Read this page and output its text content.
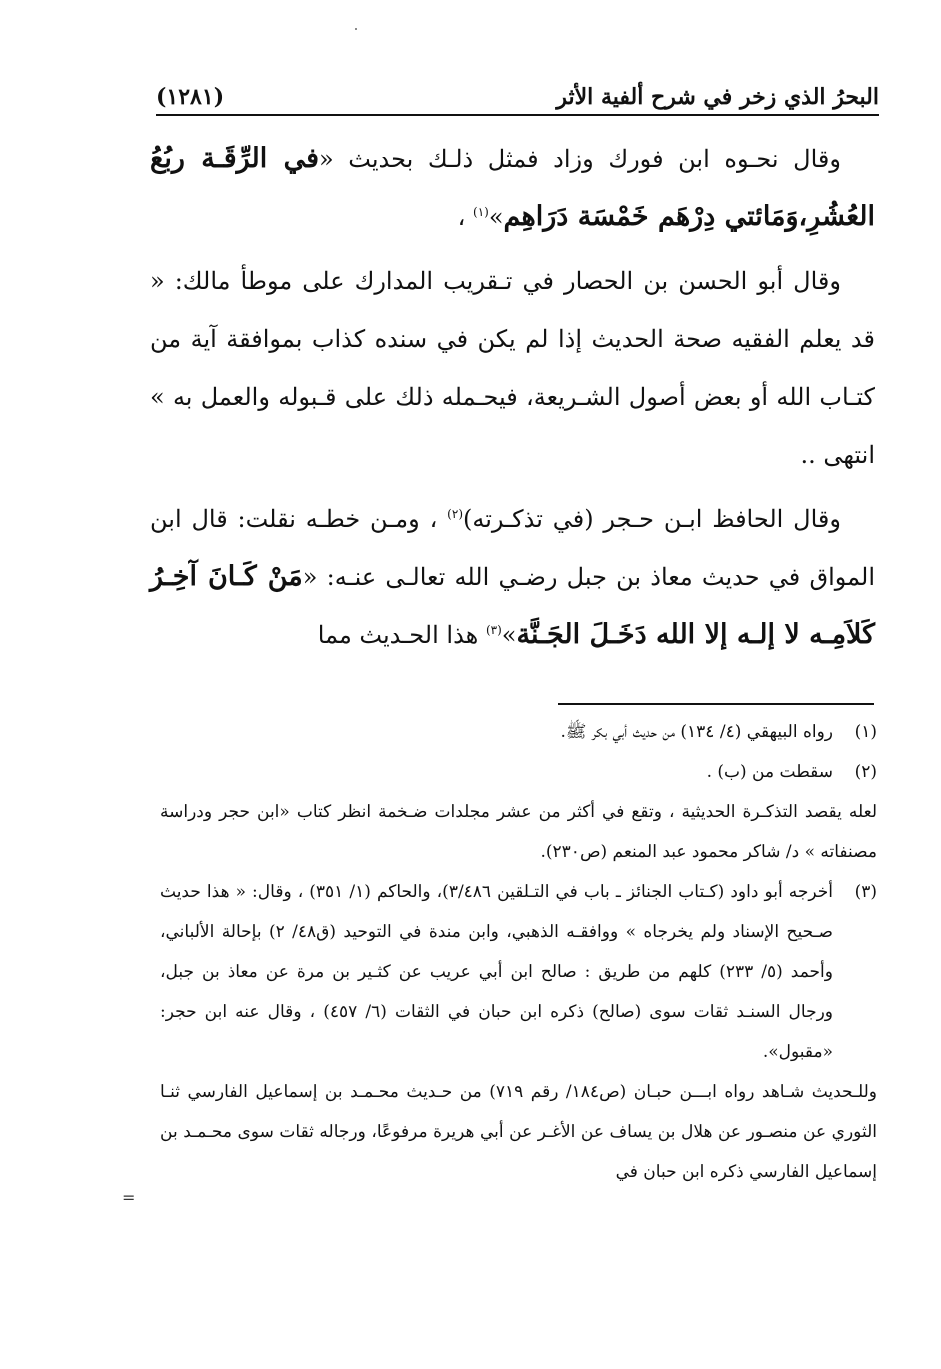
البحرُ الذي زخر في شرح ألفية الأثر
(١٢٨١)

وقال نحـوه ابن فورك وزاد فمثل ذلـك بحديث «في الرِّقَـة ربُعُ العُشُرِ،وَمَائتي دِرْهَم خَمْسَة دَرَاهِم»$^{(١)}$ ،

وقال أبو الحسن بن الحصار في تـقريب المدارك على موطأ مالك: « قد يعلم الفقيه صحة الحديث إذا لم يكن في سنده كذاب بموافقة آية من كتـاب الله أو بعض أصول الشـريعة، فيحـمله ذلك على قـبوله والعمل به » انتهى ..

وقال الحافظ ابـن حـجر (في تذكـرته)$^{(٢)}$ ، ومـن خطـه نقلت: قال ابن المواق في حديث معاذ بن جبل رضـي الله تعالـى عنـه: «مَنْ كَـانَ آخِـرُ كَلاَمِـه لا إلـه إلا الله دَخَـلَ الجَـنَّة»$^{(٣)}$ هذا الحـديث مما

(١)
رواه البيهقي (٤/ ١٣٤) من حديث أبي بكر ﷺ.
(٢)
سقطت من (ب) .
لعله يقصد التذكـرة الحديثية ، وتقع في أكثر من عشر مجلدات ضـخمة انظر كتاب «ابن حجر ودراسة مصنفاته » د/ شاكر محمود عبد المنعم (ص٢٣٠).
(٣)
أخرجه أبو داود (كـتاب الجنائز ـ باب في التـلقين ٣/٤٨٦)، والحاكم (١/ ٣٥١) ، وقال: « هذا حديث صـحيح الإسناد ولم يخرجاه » ووافقـه الذهبي، وابن مندة في التوحيد (ق٤٨/ ٢) بإحالة الألباني، وأحمد (٥/ ٢٣٣) كلهم من طريق : صالح ابن أبي عريب عن كثـير بن مرة عن معاذ بن جبل، ورجال السنـد ثقات سوى (صالح) ذكره ابن حبان في الثقات (٦/ ٤٥٧) ، وقال عنه ابن حجر: «مقبول».
وللـحديث شـاهد رواه ابـــن حبـان (ص١٨٤/ رقم ٧١٩) من حـديث محـمـد بن إسماعيل الفارسي ثنـا الثوري عن منصـور عن هلال بن يساف عن الأغـر عن أبي هريرة مرفوعًا، ورجاله ثقات سوى محـمـد بن إسماعيل الفارسي ذكره ابن حبان في
=
